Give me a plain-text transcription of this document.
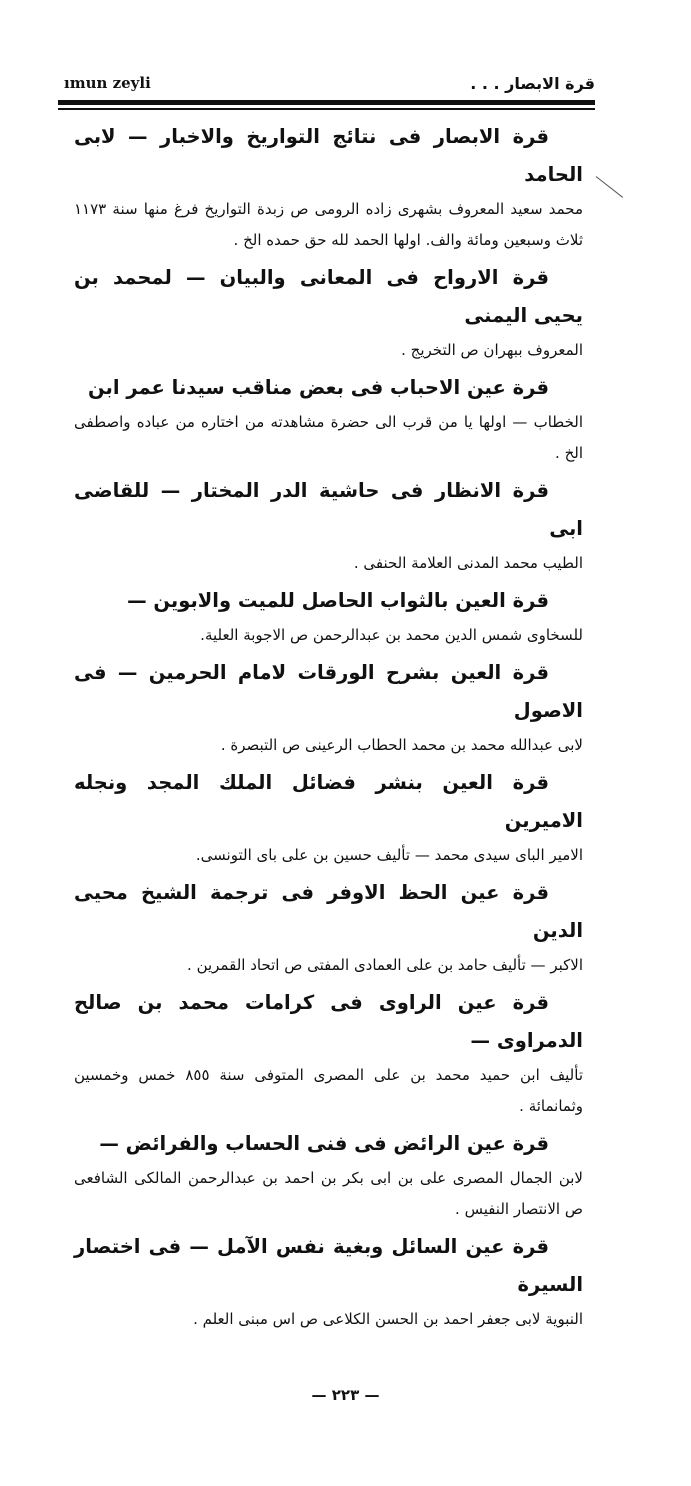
ımun zeyli	قرة الابصار . . .

قرة الابصار فى نتائج التواريخ والاخبار — لابى الحامد

محمد سعيد المعروف بشهرى زاده الرومى ص زبدة التواريخ فرغ منها سنة ١١٧٣ ثلاث وسبعين ومائة والف. اولها الحمد لله حق حمده الخ .

قرة الارواح فى المعانى والبيان — لمحمد بن يحيى اليمنى

المعروف ببهران ص التخريج .

قرة عين الاحباب فى بعض مناقب سيدنا عمر ابن

الخطاب — اولها يا من قرب الى حضرة مشاهدته من اختاره من عباده واصطفى الخ .

قرة الانظار فى حاشية الدر المختار — للقاضى ابى

الطيب محمد المدنى العلامة الحنفى .

قرة العين بالثواب الحاصل للميت والابوين —

للسخاوى شمس الدين محمد بن عبدالرحمن ص الاجوبة العلية.

قرة العين بشرح الورقات لامام الحرمين — فى الاصول

لابى عبدالله محمد بن محمد الحطاب الرعينى ص التبصرة .

قرة العين بنشر فضائل الملك المجد ونجله الاميرين

الامير الباى سيدى محمد — تأليف حسين بن على باى التونسى.

قرة عين الحظ الاوفر فى ترجمة الشيخ محيى الدين

الاكبر — تأليف حامد بن على العمادى المفتى ص اتحاد القمرين .

قرة عين الراوى فى كرامات محمد بن صالح الدمراوى —

تأليف ابن حميد محمد بن على المصرى المتوفى سنة ٨٥٥ خمس وخمسين وثمانمائة .

قرة عين الرائض فى فنى الحساب والفرائض —

لابن الجمال المصرى على بن ابى بكر بن احمد بن عبدالرحمن المالكى الشافعى ص الانتصار النفيس .

قرة عين السائل وبغية نفس الآمل — فى اختصار السيرة

النبوية لابى جعفر احمد بن الحسن الكلاعى ص اس مبنى العلم .

— ٢٢٣ —
